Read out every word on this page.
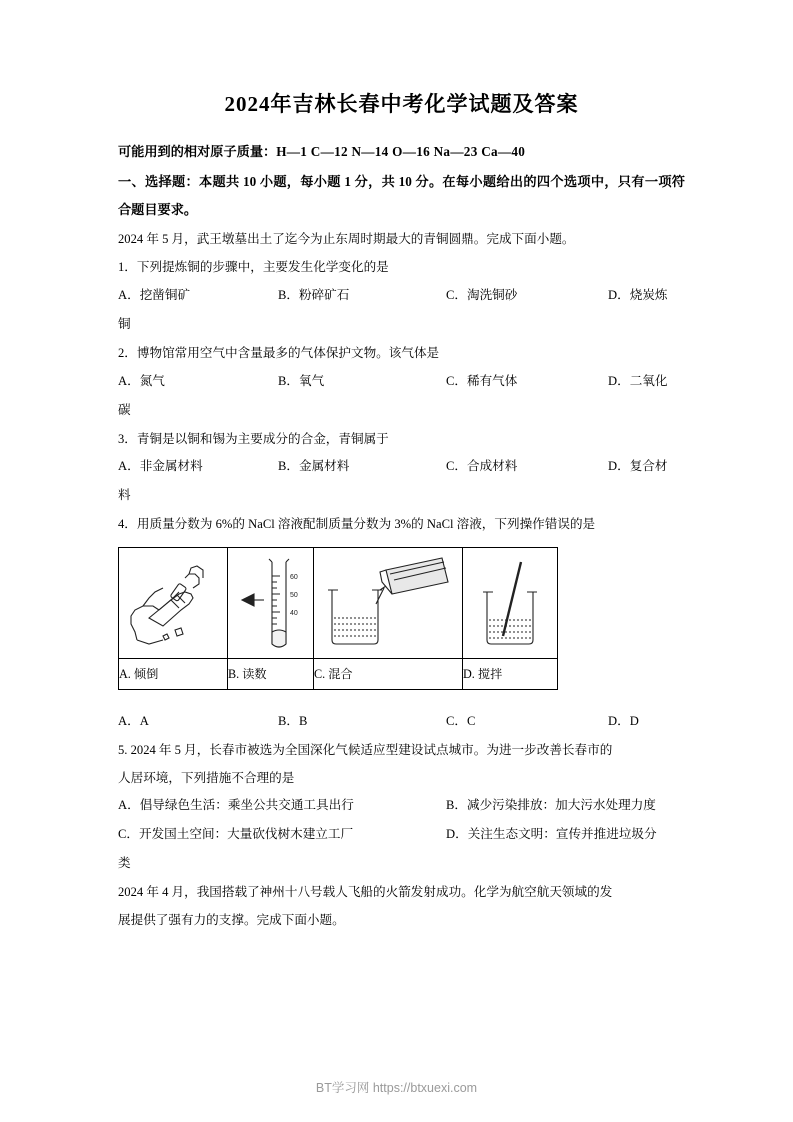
2024年吉林长春中考化学试题及答案
可能用到的相对原子质量：H—1 C—12 N—14 O—16 Na—23 Ca—40
一、选择题：本题共 10 小题，每小题 1 分，共 10 分。在每小题给出的四个选项中，只有一项符合题目要求。
2024 年 5 月，武王墩墓出土了迄今为止东周时期最大的青铜圆鼎。完成下面小题。
1．下列提炼铜的步骤中，主要发生化学变化的是
A．挖凿铜矿	B．粉碎矿石	C．淘洗铜砂	D．烧炭炼
铜
2．博物馆常用空气中含量最多的气体保护文物。该气体是
A．氮气	B．氧气	C．稀有气体	D．二氧化
碳
3．青铜是以铜和锡为主要成分的合金，青铜属于
A．非金属材料	B．金属材料	C．合成材料	D．复合材
料
4．用质量分数为 6%的 NaCl 溶液配制质量分数为 3%的 NaCl 溶液，下列操作错误的是

60
50
40

A. 倾倒	B. 读数	C. 混合	D. 搅拌
A．A	B．B	C．C	D．D
5. 2024 年 5 月，长春市被选为全国深化气候适应型建设试点城市。为进一步改善长春市的
人居环境，下列措施不合理的是
A．倡导绿色生活：乘坐公共交通工具出行	B．减少污染排放：加大污水处理力度
C．开发国土空间：大量砍伐树木建立工厂	D．关注生态文明：宣传并推进垃圾分
类
2024 年 4 月，我国搭载了神州十八号载人飞船的火箭发射成功。化学为航空航天领域的发
展提供了强有力的支撑。完成下面小题。
BT学习网 https://btxuexi.com
